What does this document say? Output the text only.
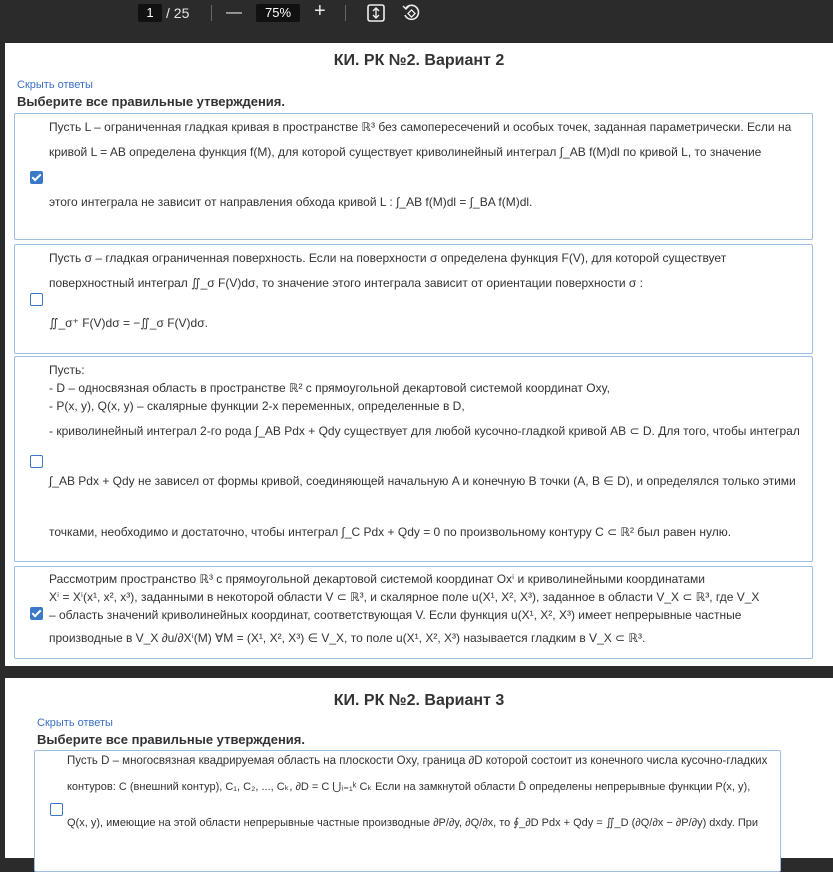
1 / 25 —	75%	+
КИ. РК №2. Вариант 2
Скрыть ответы
Выберите все правильные утверждения.
Пусть L – ограниченная гладкая кривая в пространстве ℝ³ без самопересечений и особых точек, заданная параметрически. Если на
кривой L = AB определена функция f(M), для которой существует криволинейный интеграл ∫_AB f(M)dl по кривой L, то значение
этого интеграла не зависит от направления обхода кривой L : ∫_AB f(M)dl = ∫_BA f(M)dl.
Пусть σ – гладкая ограниченная поверхность. Если на поверхности σ определена функция F(V), для которой существует
поверхностный интеграл ∬_σ F(V)dσ, то значение этого интеграла зависит от ориентации поверхности σ :
∬_σ⁺ F(V)dσ = −∬_σ F(V)dσ.
Пусть:
- D – односвязная область в пространстве ℝ² с прямоугольной декартовой системой координат Oxy,
- P(x, y), Q(x, y) – скалярные функции 2-х переменных, определенные в D,
- криволинейный интеграл 2-го рода ∫_AB Pdx + Qdy существует для любой кусочно-гладкой кривой AB ⊂ D. Для того, чтобы интеграл
∫_AB Pdx + Qdy не зависел от формы кривой, соединяющей начальную A и конечную B точки (A, B ∈ D), и определялся только этими
точками, необходимо и достаточно, чтобы интеграл ∫_C Pdx + Qdy = 0 по произвольному контуру C ⊂ ℝ² был равен нулю.
Рассмотрим пространство ℝ³ с прямоугольной декартовой системой координат Oxⁱ и криволинейными координатами
Xⁱ = Xⁱ(x¹, x², x³), заданными в некоторой области V ⊂ ℝ³, и скалярное поле u(X¹, X², X³), заданное в области V_X ⊂ ℝ³, где V_X
– область значений криволинейных координат, соответствующая V. Если функция u(X¹, X², X³) имеет непрерывные частные
производные в V_X ∂u/∂Xⁱ(M) ∀M = (X¹, X², X³) ∈ V_X, то поле u(X¹, X², X³) называется гладким в V_X ⊂ ℝ³.
КИ. РК №2. Вариант 3
Скрыть ответы
Выберите все правильные утверждения.
Пусть D – многосвязная квадрируемая область на плоскости Oxy, граница ∂D которой состоит из конечного числа кусочно-гладких
контуров: C (внешний контур), C₁, C₂, ..., Cₖ, ∂D = C ⋃ᵢ₌₁ᵏ Cₖ Если на замкнутой области D̄ определены непрерывные функции P(x, y),
Q(x, y), имеющие на этой области непрерывные частные производные ∂P/∂y, ∂Q/∂x, то ∮_∂D Pdx + Qdy = ∬_D (∂Q/∂x − ∂P/∂y) dxdy. При
